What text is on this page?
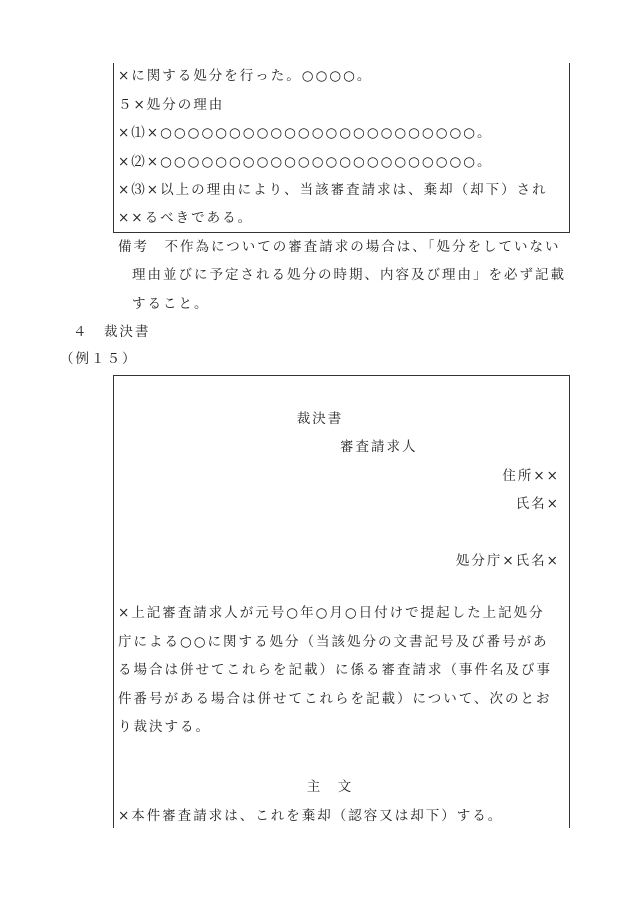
×に関する処分を行った。○○○○。
５×処分の理由
×⑴×○○○○○○○○○○○○○○○○○○○○○○○。
×⑵×○○○○○○○○○○○○○○○○○○○○○○○。
×⑶×以上の理由により、当該審査請求は、棄却（却下）され
××るべきである。
備考　不作為についての審査請求の場合は、「処分をしていない
理由並びに予定される処分の時期、内容及び理由」を必ず記載
すること。
４　裁決書
（例１５）
裁決書
審査請求人
住所××
氏名×
処分庁×氏名×
×上記審査請求人が元号○年○月○日付けで提起した上記処分
庁による○○に関する処分（当該処分の文書記号及び番号があ
る場合は併せてこれらを記載）に係る審査請求（事件名及び事
件番号がある場合は併せてこれらを記載）について、次のとお
り裁決する。
主　文
×本件審査請求は、これを棄却（認容又は却下）する。
